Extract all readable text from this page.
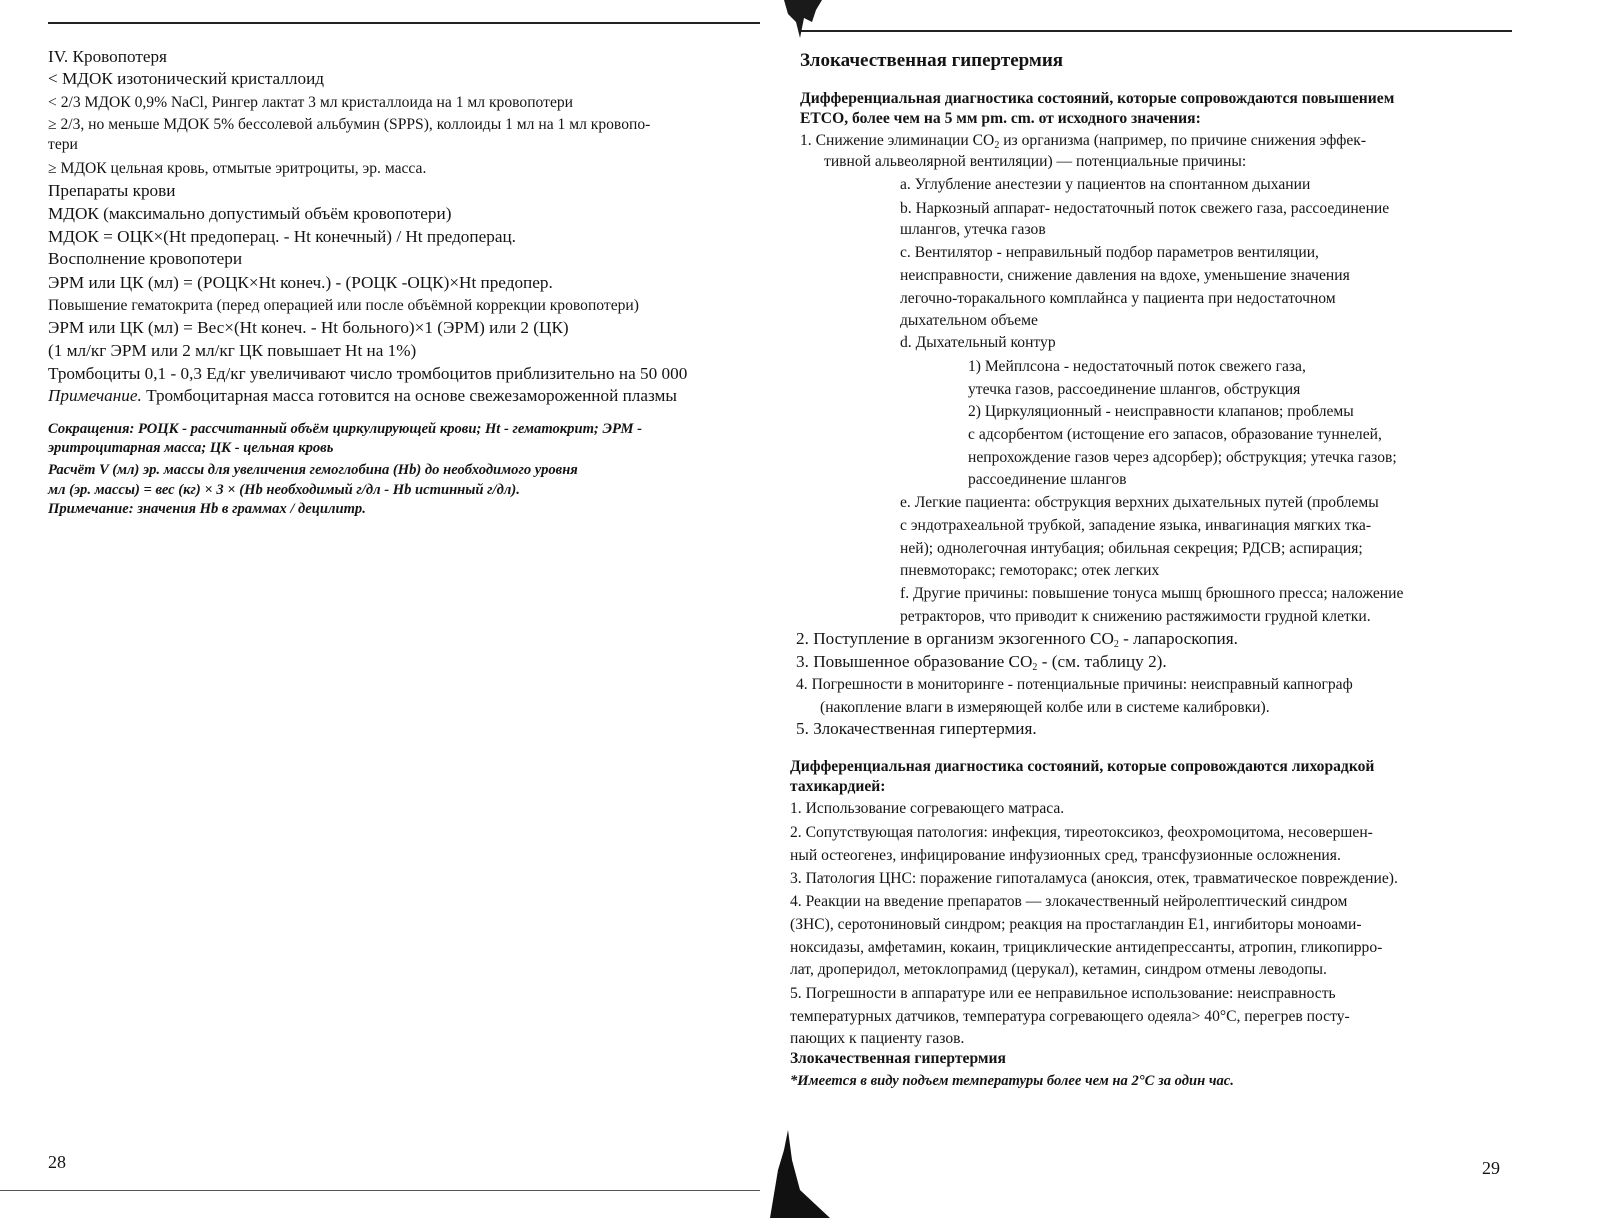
IV. Кровопотеря
< МДОК изотонический кристаллоид
< 2/3 МДОК 0,9% NaCl, Рингер лактат 3 мл кристаллоида на 1 мл кровопотери
≥ 2/3, но меньше МДОК 5% бессолевой альбумин (SPPS), коллоиды 1 мл на 1 мл кровопо-
тери
≥ МДОК цельная кровь, отмытые эритроциты, эр. масса.
Препараты крови
МДОК (максимально допустимый объём кровопотери)
МДОК = ОЦК×(Ht предоперац. - Ht конечный) / Ht предоперац.
Восполнение кровопотери
ЭРМ или ЦК (мл) = (РОЦК×Ht конеч.) - (РОЦК -ОЦК)×Ht предопер.
Повышение гематокрита (перед операцией или после объёмной коррекции кровопотери)
ЭРМ или ЦК (мл) = Вес×(Ht конеч. - Ht больного)×1 (ЭРМ) или 2 (ЦК)
(1 мл/кг ЭРМ или 2 мл/кг ЦК повышает Ht на 1%)
Тромбоциты 0,1 - 0,3 Ед/кг увеличивают число тромбоцитов приблизительно на 50 000
Примечание. Тромбоцитарная масса готовится на основе свежезамороженной плазмы
Сокращения: РОЦК - рассчитанный объём циркулирующей крови; Ht - гематокрит; ЭРМ -
эритроцитарная масса; ЦК - цельная кровь
Расчёт V (мл) эр. массы для увеличения гемоглобина (Hb) до необходимого уровня
мл (эр. массы) = вес (кг) × 3 × (Hb необходимый г/дл - Hb истинный г/дл).
Примечание: значения Hb в граммах / децилитр.
28
Злокачественная гипертермия
Дифференциальная диагностика состояний, которые сопровождаются повышением
ETCO, более чем на 5 мм pm. cm. от исходного значения:
1. Снижение элиминации $CO_2$ из организма (например, по причине снижения эффек-
тивной альвеолярной вентиляции) — потенциальные причины:
a. Углубление анестезии у пациентов на спонтанном дыхании
b. Наркозный аппарат- недостаточный поток свежего газа, рассоединение
шлангов, утечка газов
c. Вентилятор - неправильный подбор параметров вентиляции,
неисправности, снижение давления на вдохе, уменьшение значения
легочно-торакального комплайнса у пациента при недостаточном
дыхательном объеме
d. Дыхательный контур
1) Мейплсона - недостаточный поток свежего газа,
утечка газов, рассоединение шлангов, обструкция
2) Циркуляционный - неисправности клапанов; проблемы
с адсорбентом (истощение его запасов, образование туннелей,
непрохождение газов через адсорбер); обструкция; утечка газов;
рассоединение шлангов
e. Легкие пациента: обструкция верхних дыхательных путей (проблемы
с эндотрахеальной трубкой, западение языка, инвагинация мягких тка-
ней); однолегочная интубация; обильная секреция; РДСВ; аспирация;
пневмоторакс; гемоторакс; отек легких
f. Другие причины: повышение тонуса мышц брюшного пресса; наложение
ретракторов, что приводит к снижению растяжимости грудной клетки.
2. Поступление в организм экзогенного $CO_2$ - лапароскопия.
3. Повышенное образование $CO_2 - (см$. таблицу 2).
4. Погрешности в мониторинге - потенциальные причины: неисправный капнограф
(накопление влаги в измеряющей колбе или в системе калибровки).
5. Злокачественная гипертермия.
Дифференциальная диагностика состояний, которые сопровождаются лихорадкой
тахикардией:
1. Использование согревающего матраса.
2. Сопутствующая патология: инфекция, тиреотоксикоз, феохромоцитома, несовершен-
ный остеогенез, инфицирование инфузионных сред, трансфузионные осложнения.
3. Патология ЦНС: поражение гипоталамуса (аноксия, отек, травматическое повреждение).
4. Реакции на введение препаратов — злокачественный нейролептический синдром
(ЗНС), серотониновый синдром; реакция на простагландин E1, ингибиторы моноами-
ноксидазы, амфетамин, кокаин, трициклические антидепрессанты, атропин, гликопирро-
лат, дроперидол, метоклопрамид (церукал), кетамин, синдром отмены леводопы.
5. Погрешности в аппаратуре или ее неправильное использование: неисправность
температурных датчиков, температура согревающего одеяла> 40°C, перегрев посту-
пающих к пациенту газов.
Злокачественная гипертермия
*Имеется в виду подъем температуры более чем на 2°C за один час.
29
